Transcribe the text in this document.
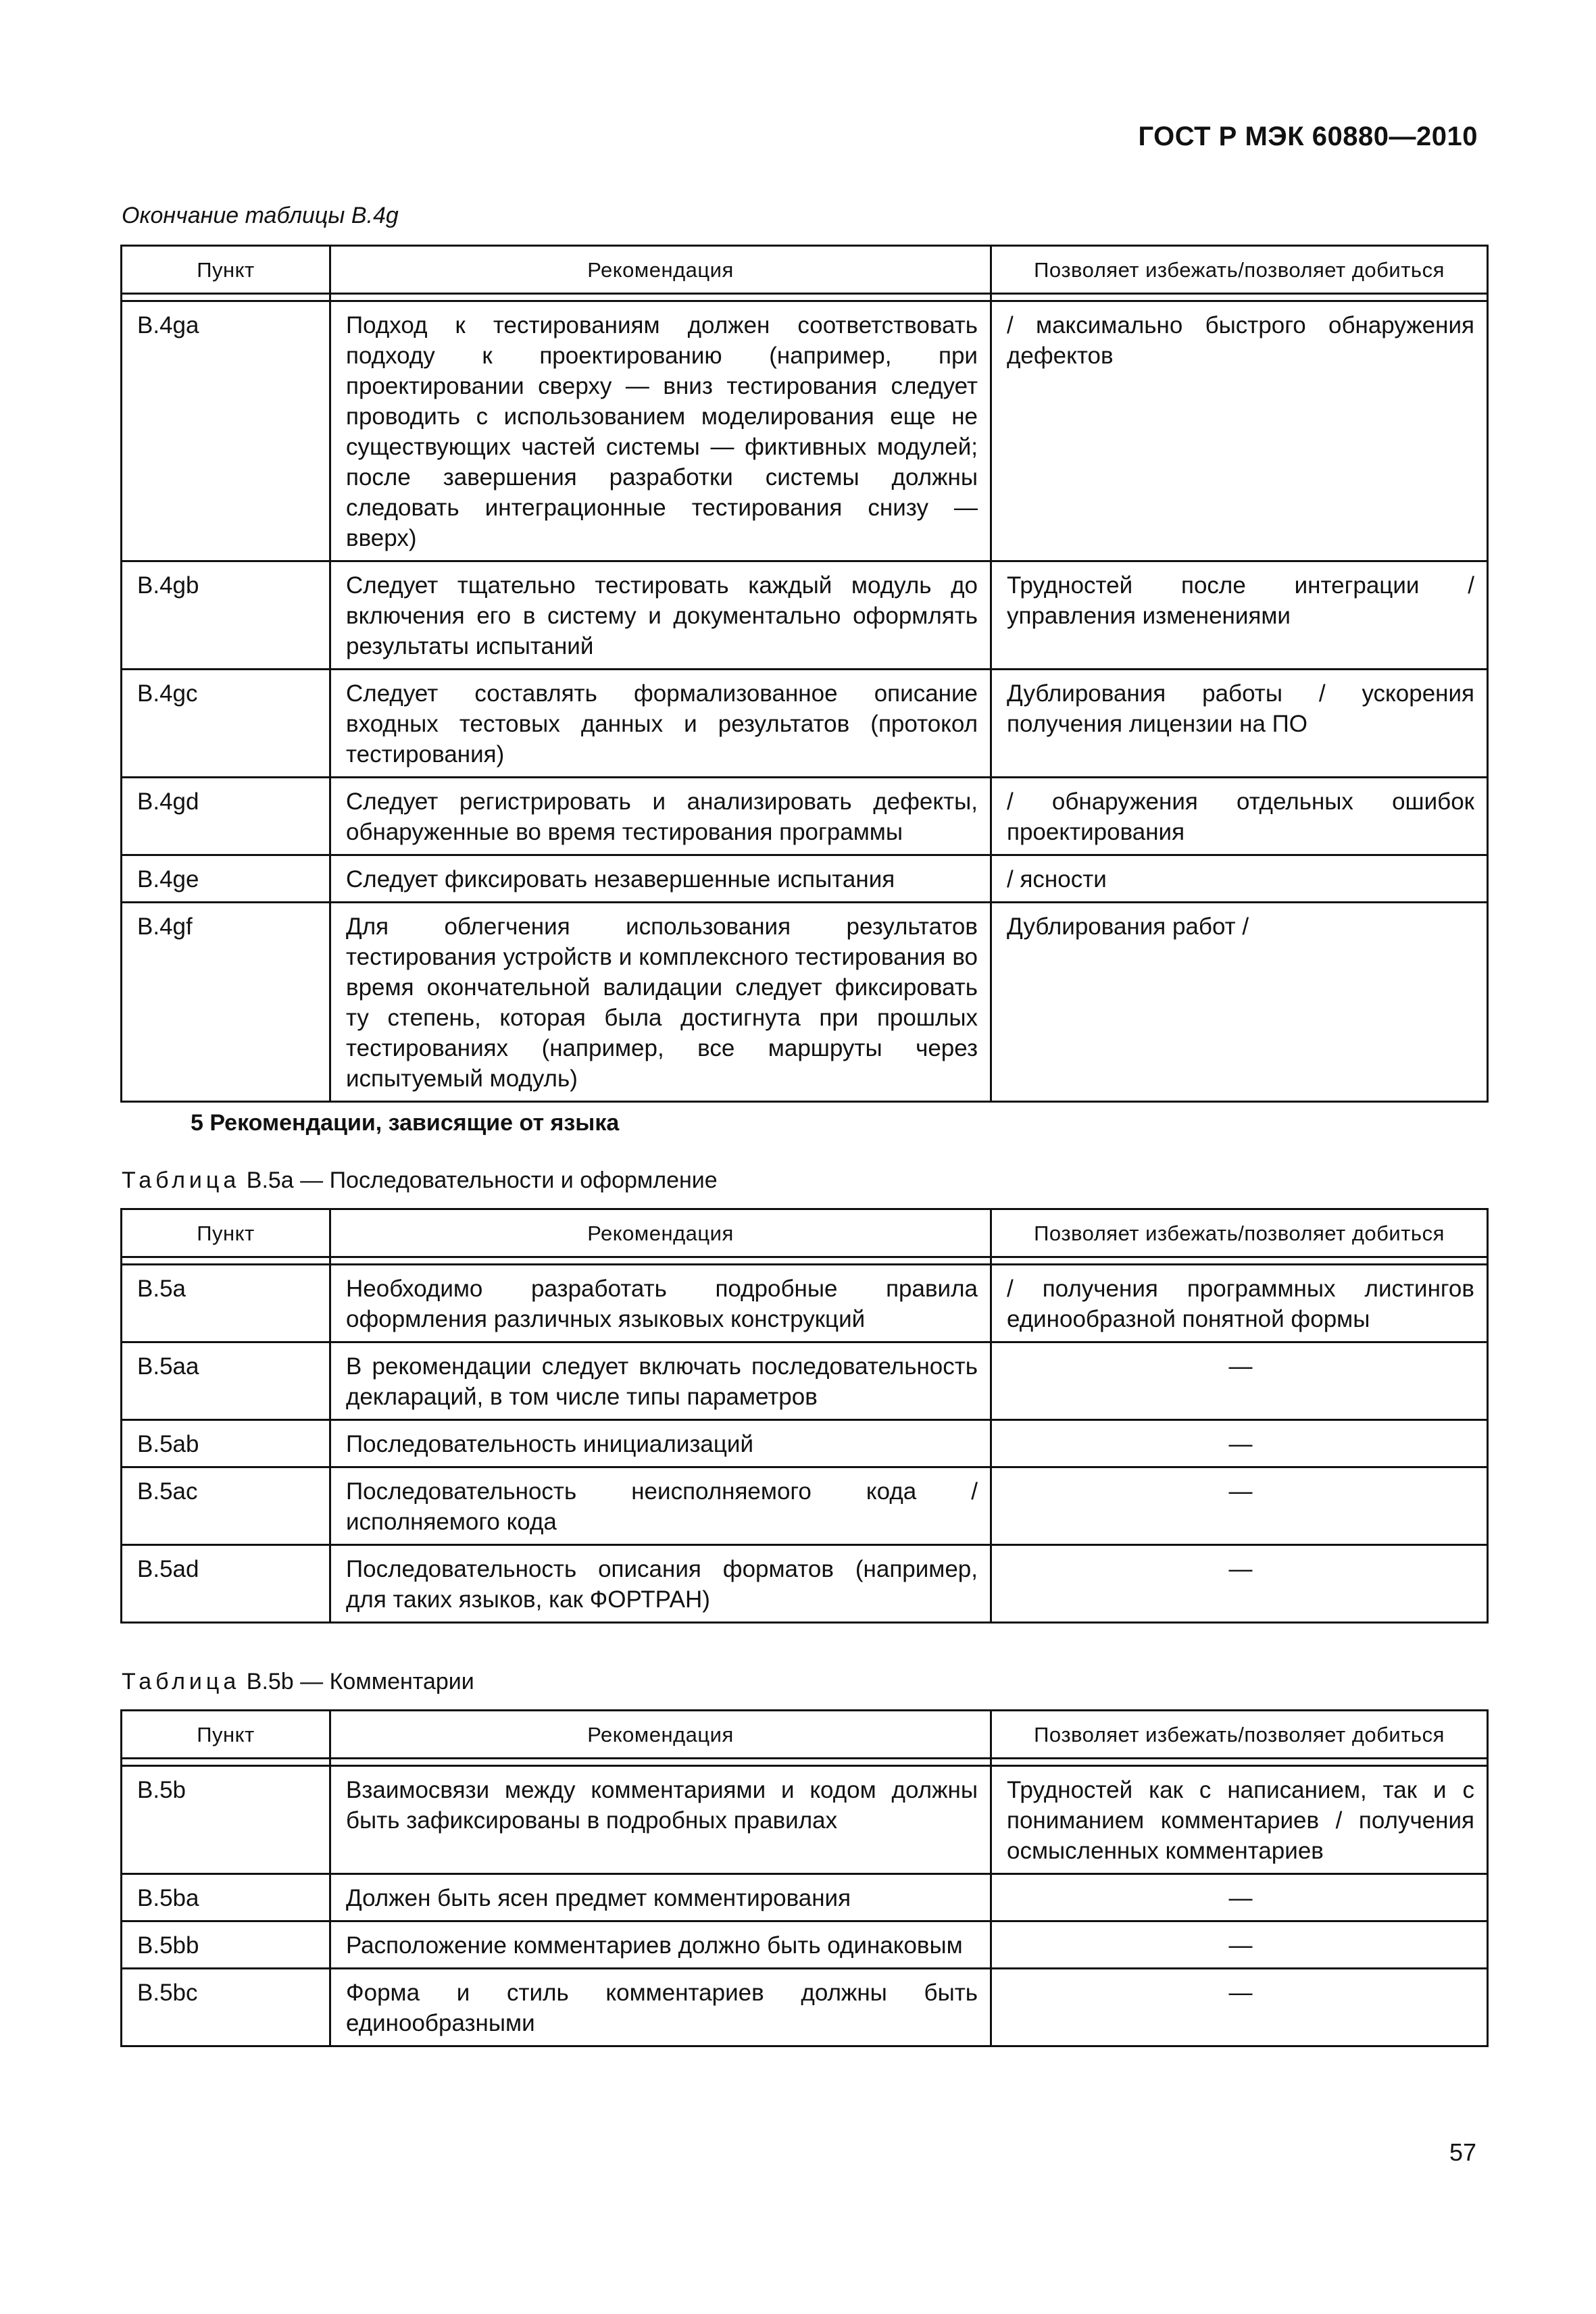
ГОСТ Р МЭК 60880—2010
Окончание таблицы B.4g
Пункт	Рекомендация	Позволяет избежать/позволяет добиться

B.4ga	Подход к тестированиям должен соответствовать подходу к проектированию (например, при проектировании сверху — вниз тестирования следует проводить с использованием моделирования еще не существующих частей системы — фиктивных модулей; после завершения разработки системы должны следовать интеграционные тестирования снизу — вверх)	/ максимально быстрого обнаружения дефектов
B.4gb	Следует тщательно тестировать каждый модуль до включения его в систему и документально оформлять результаты испытаний	Трудностей после интеграции / управления изменениями
B.4gc	Следует составлять формализованное описание входных тестовых данных и результатов (протокол тестирования)	Дублирования работы / ускорения получения лицензии на ПО
B.4gd	Следует регистрировать и анализировать дефекты, обнаруженные во время тестирования программы	/ обнаружения отдельных ошибок проектирования
B.4ge	Следует фиксировать незавершенные испытания	/ ясности
B.4gf	Для облегчения использования результатов тестирования устройств и комплексного тестирования во время окончательной валидации следует фиксировать ту степень, которая была достигнута при прошлых тестированиях (например, все маршруты через испытуемый модуль)	Дублирования работ /
5 Рекомендации, зависящие от языка
Таблица B.5a — Последовательности и оформление
Пункт	Рекомендация	Позволяет избежать/позволяет добиться

B.5a	Необходимо разработать подробные правила оформления различных языковых конструкций	/ получения программных листингов единообразной понятной формы
B.5aa	В рекомендации следует включать последовательность деклараций, в том числе типы параметров	—
B.5ab	Последовательность инициализаций	—
B.5ac	Последовательность неисполняемого кода / исполняемого кода	—
B.5ad	Последовательность описания форматов (например, для таких языков, как ФОРТРАН)	—
Таблица B.5b — Комментарии
Пункт	Рекомендация	Позволяет избежать/позволяет добиться

B.5b	Взаимосвязи между комментариями и кодом должны быть зафиксированы в подробных правилах	Трудностей как с написанием, так и с пониманием комментариев / получения осмысленных комментариев
B.5ba	Должен быть ясен предмет комментирования	—
B.5bb	Расположение комментариев должно быть одинаковым	—
B.5bc	Форма и стиль комментариев должны быть единообразными	—
57
